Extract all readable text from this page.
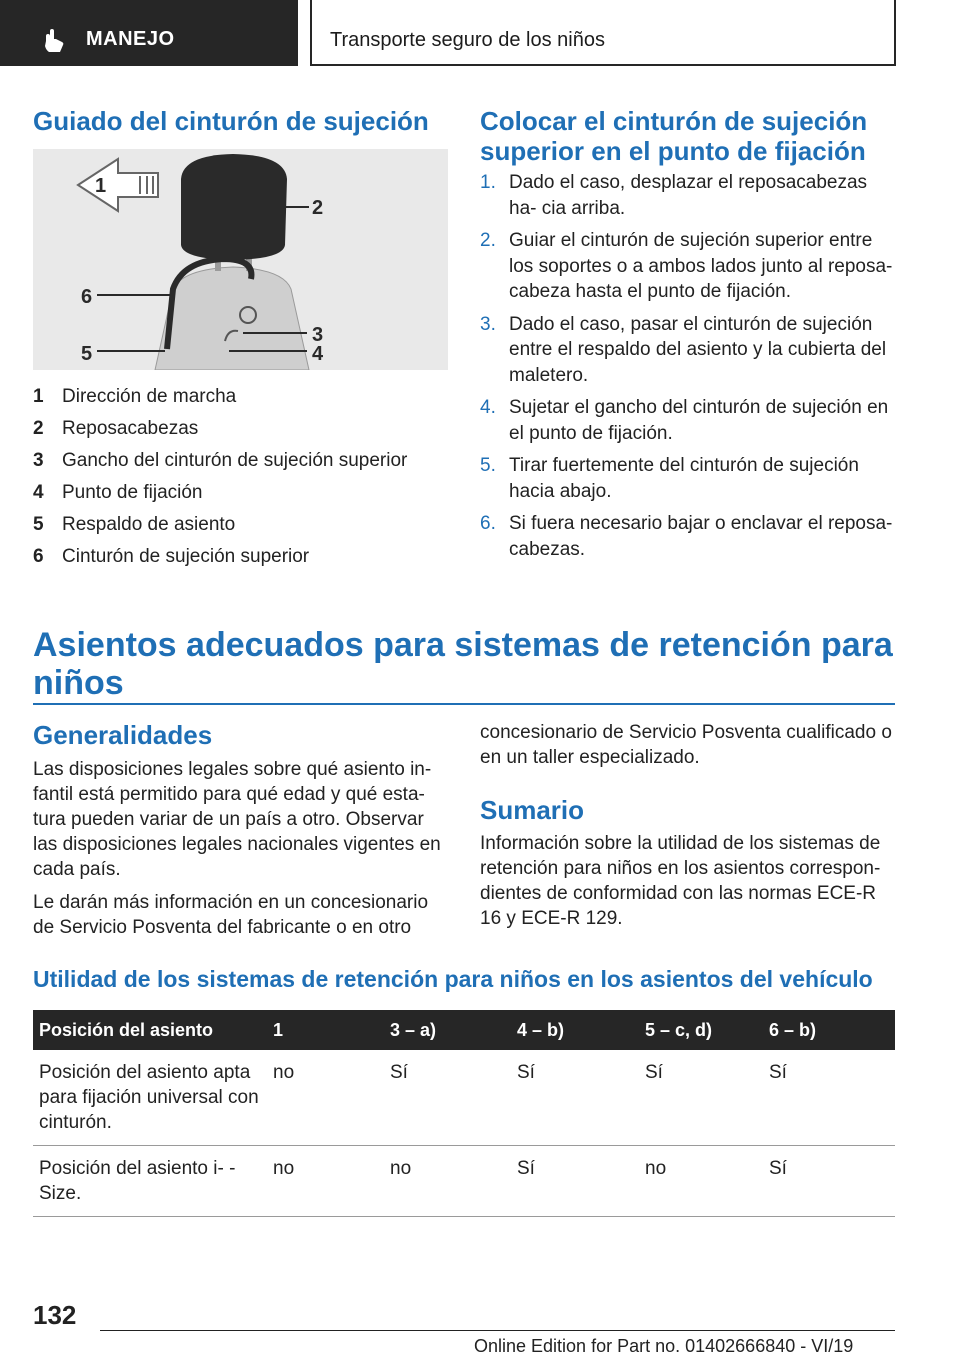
MANEJO	Transporte seguro de los niños
Guiado del cinturón de sujeción
1
2
3
4
5
6
1 Dirección de marcha
2 Reposacabezas
3 Gancho del cinturón de sujeción superior
4 Punto de fijación
5 Respaldo de asiento
6 Cinturón de sujeción superior
Colocar el cinturón de sujeción superior en el punto de fijación
1. Dado el caso, desplazar el reposacabezas ha- cia arriba.
2. Guiar el cinturón de sujeción superior entre los soportes o a ambos lados junto al reposa- cabeza hasta el punto de fijación.
3. Dado el caso, pasar el cinturón de sujeción entre el respaldo del asiento y la cubierta del maletero.
4. Sujetar el gancho del cinturón de sujeción en el punto de fijación.
5. Tirar fuertemente del cinturón de sujeción hacia abajo.
6. Si fuera necesario bajar o enclavar el reposa- cabezas.
Asientos adecuados para sistemas de retención para niños
Generalidades

Las disposiciones legales sobre qué asiento in- fantil está permitido para qué edad y qué esta- tura pueden variar de un país a otro. Observar las disposiciones legales nacionales vigentes en cada país.

Le darán más información en un concesionario de Servicio Posventa del fabricante o en otro

concesionario de Servicio Posventa cualificado o en un taller especializado.

Sumario

Información sobre la utilidad de los sistemas de retención para niños en los asientos correspon- dientes de conformidad con las normas ECE-R 16 y ECE-R 129.

Utilidad de los sistemas de retención para niños en los asientos del vehículo
Posición del asiento	1	3 – a)	4 – b)	5 – c, d)	6 – b)
Posición del asiento apta para fijación universal con cinturón.	no	Sí	Sí	Sí	Sí
Posición del asiento i- -Size.	no	no	Sí	no	Sí
132
Online Edition for Part no. 01402666840 - VI/19
